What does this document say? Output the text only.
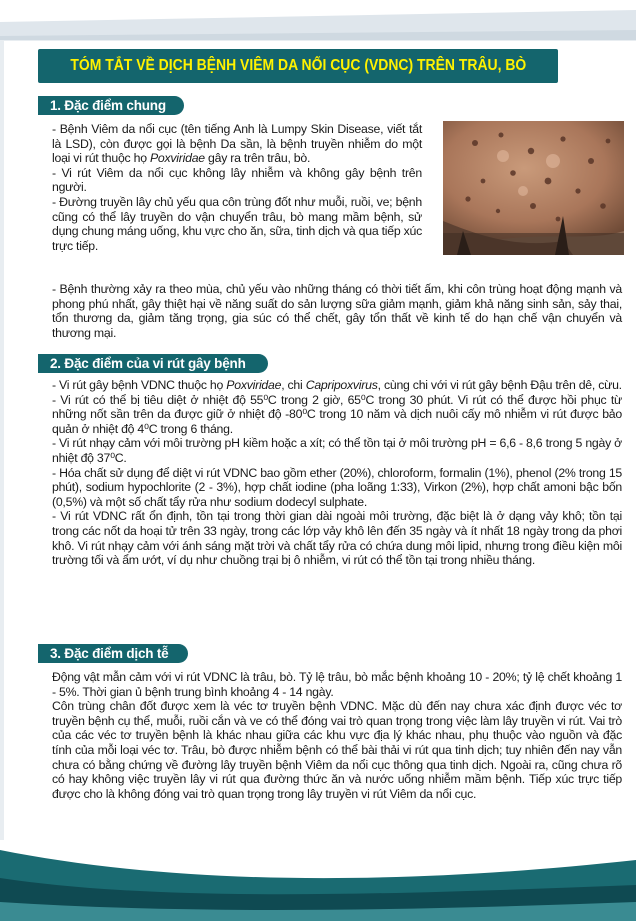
TÓM TẮT VỀ DỊCH BỆNH VIÊM DA NỔI CỤC (VDNC) TRÊN TRÂU, BÒ
1. Đặc điểm chung

- Bệnh Viêm da nổi cục (tên tiếng Anh là Lumpy Skin Disease, viết tắt là LSD), còn được gọi là bệnh Da sần, là bệnh truyền nhiễm do một loại vi rút thuộc họ Poxviridae gây ra trên trâu, bò.

- Vi rút Viêm da nổi cục không lây nhiễm và không gây bệnh trên người.

- Đường truyền lây chủ yếu qua côn trùng đốt như muỗi, ruồi, ve; bệnh cũng có thể lây truyền do vận chuyển trâu, bò mang mầm bệnh, sử dụng chung máng uống, khu vực cho ăn, sữa, tinh dịch và qua tiếp xúc trực tiếp.

- Bệnh thường xảy ra theo mùa, chủ yếu vào những tháng có thời tiết ấm, khi côn trùng hoạt động mạnh và phong phú nhất, gây thiệt hại về năng suất do sản lượng sữa giảm mạnh, giảm khả năng sinh sản, sảy thai, tổn thương da, giảm tăng trọng, gia súc có thể chết, gây tổn thất về kinh tế do hạn chế vận chuyển và thương mại.

2. Đặc điểm của vi rút gây bệnh

- Vi rút gây bệnh VDNC thuộc họ Poxviridae, chi Capripoxvirus, cùng chi với vi rút gây bệnh Đậu trên dê, cừu.

- Vi rút có thể bị tiêu diệt ở nhiệt độ 55⁰C trong 2 giờ, 65⁰C trong 30 phút. Vi rút có thể được hồi phục từ những nốt sần trên da được giữ ở nhiệt độ -80⁰C trong 10 năm và dịch nuôi cấy mô nhiễm vi rút được bảo quản ở nhiệt độ 4⁰C trong 6 tháng.

- Vi rút nhạy cảm với môi trường pH kiềm hoặc a xít; có thể tồn tại ở môi trường pH = 6,6 - 8,6 trong 5 ngày ở nhiệt độ 37⁰C.

- Hóa chất sử dụng để diệt vi rút VDNC bao gồm ether (20%), chloroform, formalin (1%), phenol (2% trong 15 phút), sodium hypochlorite (2 - 3%), hợp chất iodine (pha loãng 1:33), Virkon (2%), hợp chất amoni bậc bốn (0,5%) và một số chất tẩy rửa như sodium dodecyl sulphate.

- Vi rút VDNC rất ổn định, tồn tại trong thời gian dài ngoài môi trường, đặc biệt là ở dạng vảy khô; tồn tại trong các nốt da hoại tử trên 33 ngày, trong các lớp vảy khô lên đến 35 ngày và ít nhất 18 ngày trong da phơi khô. Vi rút nhạy cảm với ánh sáng mặt trời và chất tẩy rửa có chứa dung môi lipid, nhưng trong điều kiện môi trường tối và ẩm ướt, ví dụ như chuồng trại bị ô nhiễm, vi rút có thể tồn tại trong nhiều tháng.

3. Đặc điểm dịch tễ

Động vật mẫn cảm với vi rút VDNC là trâu, bò. Tỷ lệ trâu, bò mắc bệnh khoảng 10 - 20%; tỷ lệ chết khoảng 1 - 5%. Thời gian ủ bệnh trung bình khoảng 4 - 14 ngày.

Côn trùng chân đốt được xem là véc tơ truyền bệnh VDNC. Mặc dù đến nay chưa xác định được véc tơ truyền bệnh cụ thể, muỗi, ruồi cắn và ve có thể đóng vai trò quan trọng trong việc làm lây truyền vi rút. Vai trò của các véc tơ truyền bệnh là khác nhau giữa các khu vực địa lý khác nhau, phụ thuộc vào nguồn và đặc tính của mỗi loại véc tơ. Trâu, bò được nhiễm bệnh có thể bài thải vi rút qua tinh dịch; tuy nhiên đến nay vẫn chưa có bằng chứng về đường lây truyền bệnh Viêm da nổi cục thông qua tinh dịch. Ngoài ra, cũng chưa rõ có hay không việc truyền lây vi rút qua đường thức ăn và nước uống nhiễm mầm bệnh. Tiếp xúc trực tiếp được cho là không đóng vai trò quan trọng trong lây truyền vi rút Viêm da nổi cục.
